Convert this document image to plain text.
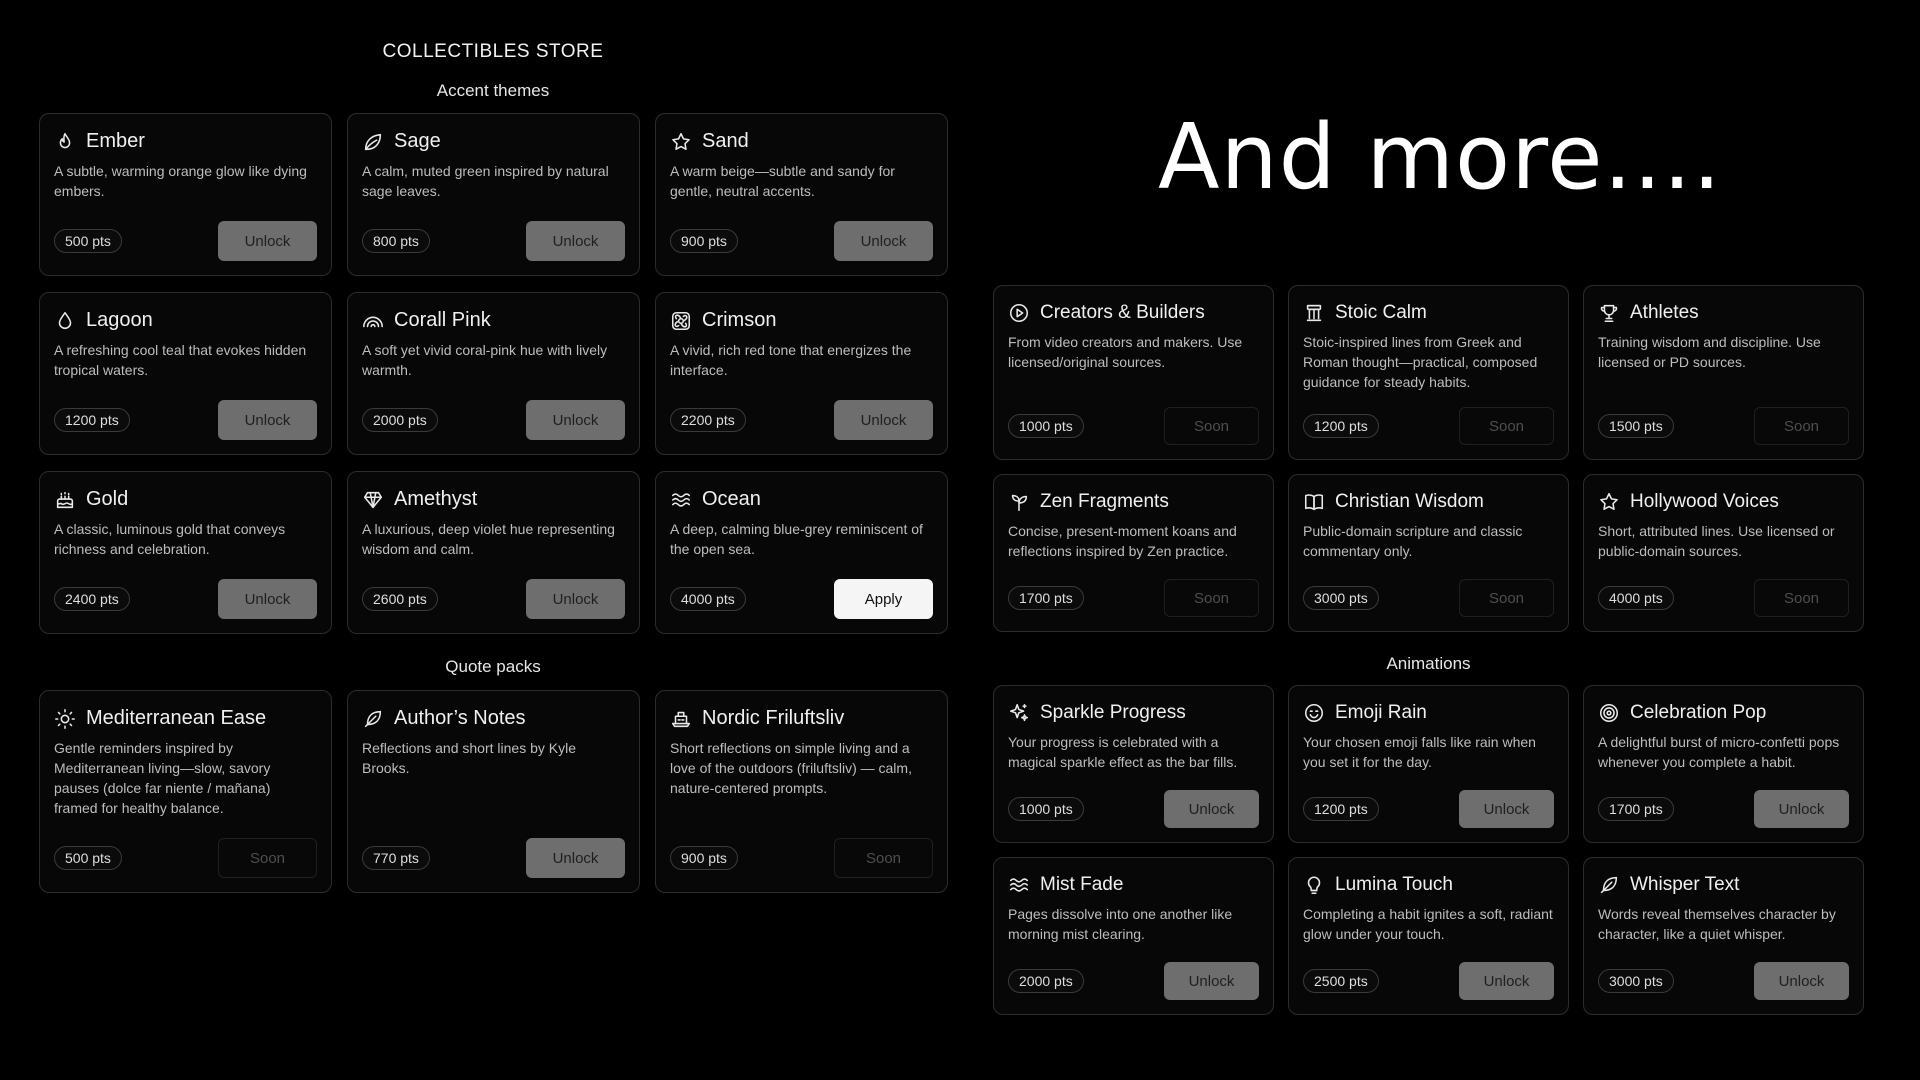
COLLECTIBLES STORE
Accent themes
Ember
A subtle, warming orange glow like dying embers.
500 pts	Unlock
Sage
A calm, muted green inspired by natural sage leaves.
800 pts	Unlock
Sand
A warm beige—subtle and sandy for gentle, neutral accents.
900 pts	Unlock
Lagoon
A refreshing cool teal that evokes hidden tropical waters.
1200 pts	Unlock
Corall Pink
A soft yet vivid coral-pink hue with lively warmth.
2000 pts	Unlock
Crimson
A vivid, rich red tone that energizes the interface.
2200 pts	Unlock
Gold
A classic, luminous gold that conveys richness and celebration.
2400 pts	Unlock
Amethyst
A luxurious, deep violet hue representing wisdom and calm.
2600 pts	Unlock
Ocean
A deep, calming blue-grey reminiscent of the open sea.
4000 pts	Apply
Quote packs
Mediterranean Ease
Gentle reminders inspired by Mediterranean living—slow, savory pauses (dolce far niente / mañana) framed for healthy balance.
500 pts	Soon
Author’s Notes
Reflections and short lines by Kyle Brooks.
770 pts	Unlock
Nordic Friluftsliv
Short reflections on simple living and a love of the outdoors (friluftsliv) — calm, nature-centered prompts.
900 pts	Soon
And more....
Creators & Builders
From video creators and makers. Use licensed/original sources.
1000 pts	Soon
Stoic Calm
Stoic-inspired lines from Greek and Roman thought—practical, composed guidance for steady habits.
1200 pts	Soon
Athletes
Training wisdom and discipline. Use licensed or PD sources.
1500 pts	Soon
Zen Fragments
Concise, present-moment koans and reflections inspired by Zen practice.
1700 pts	Soon
Christian Wisdom
Public-domain scripture and classic commentary only.
3000 pts	Soon
Hollywood Voices
Short, attributed lines. Use licensed or public-domain sources.
4000 pts	Soon
Animations
Sparkle Progress
Your progress is celebrated with a magical sparkle effect as the bar fills.
1000 pts	Unlock
Emoji Rain
Your chosen emoji falls like rain when you set it for the day.
1200 pts	Unlock
Celebration Pop
A delightful burst of micro-confetti pops whenever you complete a habit.
1700 pts	Unlock
Mist Fade
Pages dissolve into one another like morning mist clearing.
2000 pts	Unlock
Lumina Touch
Completing a habit ignites a soft, radiant glow under your touch.
2500 pts	Unlock
Whisper Text
Words reveal themselves character by character, like a quiet whisper.
3000 pts	Unlock
